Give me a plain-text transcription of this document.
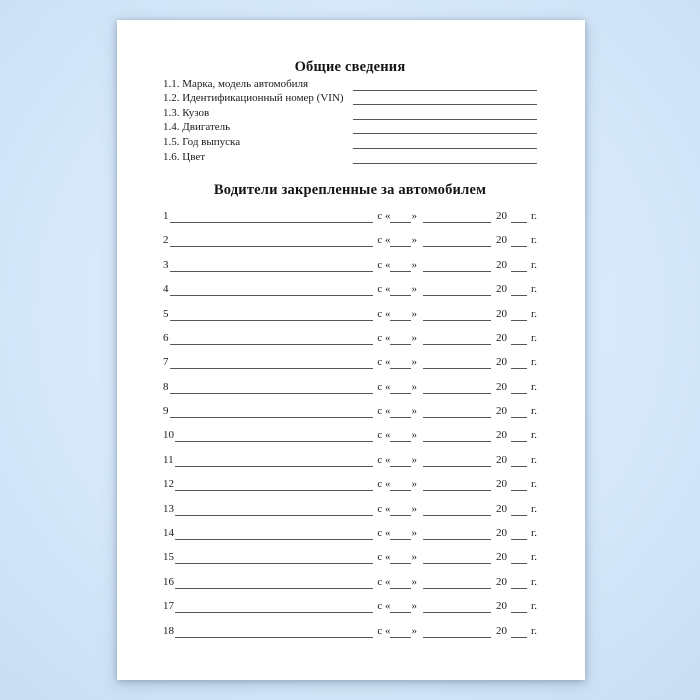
Общие сведения
1.1. Марка, модель автомобиля
1.2. Идентификационный номер (VIN)
1.3. Кузов
1.4. Двигатель
1.5. Год выпуска
1.6. Цвет
Водители закрепленные за автомобилем
1	с « »	20 г.
2	с « »	20 г.
3	с « »	20 г.
4	с « »	20 г.
5	с « »	20 г.
6	с « »	20 г.
7	с « »	20 г.
8	с « »	20 г.
9	с « »	20 г.
10	с « »	20 г.
11	с « »	20 г.
12	с « »	20 г.
13	с « »	20 г.
14	с « »	20 г.
15	с « »	20 г.
16	с « »	20 г.
17	с « »	20 г.
18	с « »	20 г.
